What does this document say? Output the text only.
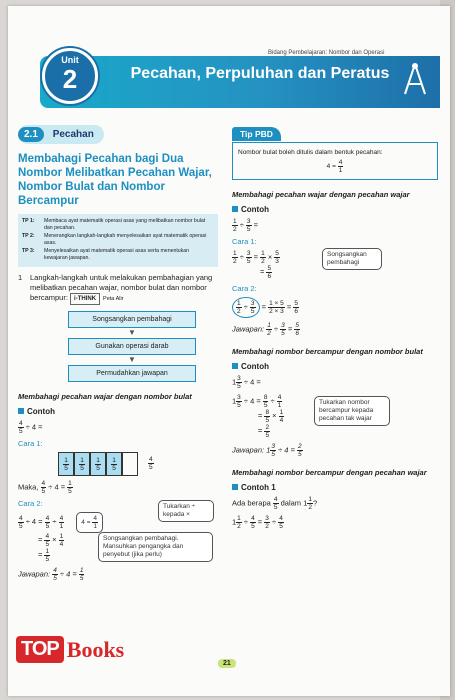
Bidang Pembelajaran: Nombor dan Operasi
Pecahan, Perpuluhan dan Peratus
Unit
2
2.1 Pecahan
Membahagi Pecahan bagi Dua Nombor Melibatkan Pecahan Wajar, Nombor Bulat dan Nombor Bercampur
TP 1:	Membaca ayat matematik operasi asas yang melibatkan nombor bulat dan pecahan.
TP 2:	Menerangkan langkah-langkah menyelesaikan ayat matematik operasi asas.
TP 3:	Menyelesaikan ayat matematik operasi asas serta menentukan kewajaran jawapan.
1 Langkah-langkah untuk melakukan pembahagian yang melibatkan pecahan wajar, nombor bulat dan nombor bercampur:	i-THINK	Peta Alir
Songsangkan pembahagi
▼
Gunakan operasi darab
▼
Permudahkan jawapan
Membahagi pecahan wajar dengan nombor bulat
Contoh
$\frac{4}{5} \div 4$ =
Cara 1:
$\frac{1}{5} \frac{1}{5} \frac{1}{5} \frac{1}{5}$	$\frac{4}{5}$
Maka, $\frac{4}{5} \div 4 = \frac{1}{5}$
Cara 2:
$\frac{4}{5} \div 4 = \frac{4}{5} \div \frac{4}{1}$	$4 = \frac{4}{1}$
Tukarkan ÷ kepada ×

= $\frac{4}{5} \times \frac{1}{4}$	Songsangkan pembahagi. Mansuhkan pengangka dan penyebut (jika perlu)

= $\frac{1}{5}$
Jawapan: $\frac{4}{5} \div 4 = \frac{1}{5}$
Tip PBD
Nombor bulat boleh ditulis dalam bentuk pecahan:
$4 = \frac{4}{1}$
Membahagi pecahan wajar dengan pecahan wajar
Contoh
$\frac{1}{2} \div \frac{3}{5}$ =
Cara 1:
$\frac{1}{2} \div \frac{3}{5} = \frac{1}{2} \times \frac{5}{3}$	Songsangkan pembahagi

= $\frac{5}{6}$
Cara 2:
$\frac{1}{2} \div \frac{3}{5} = \frac{1 \times 5}{2 \times 3} = \frac{5}{6}$
Jawapan: $\frac{1}{2} \div \frac{3}{5} = \frac{5}{6}$
Membahagi nombor bercampur dengan nombor bulat
Contoh
$1 \frac{3}{5} \div 4$ =
$1 \frac{3}{5} \div 4 = \frac{8}{5} \div \frac{4}{1}$	Tukarkan nombor bercampur kepada pecahan tak wajar

= $\frac{8}{5} \times \frac{1}{4}$

= $\frac{2}{5}$
Jawapan: $1 \frac{3}{5} \div 4 = \frac{2}{5}$
Membahagi nombor bercampur dengan pecahan wajar
Contoh 1
Ada berapa $\frac{4}{5}$ dalam $1 \frac{1}{2}$ ?
$1 \frac{1}{2} \div \frac{4}{5} = \frac{3}{2} \div \frac{4}{5}$
21
TOP Books
